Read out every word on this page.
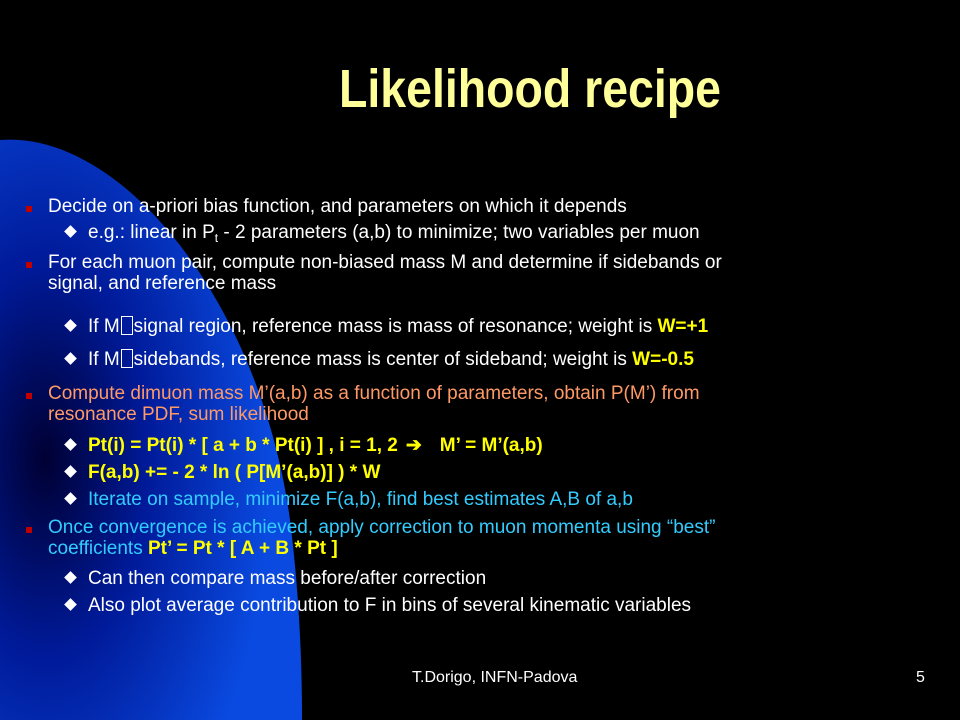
Likelihood recipe
Decide on a-priori bias function, and parameters on which it depends
e.g.: linear in $P_t - 2$ parameters (a,b) to minimize; two variables per muon
For each muon pair, compute non-biased mass M and determine if sidebands or
signal, and reference mass
If M signal region, reference mass is mass of resonance; weight is W=+1
If M sidebands, reference mass is center of sideband; weight is W=-0.5
Compute dimuon mass M’(a,b) as a function of parameters, obtain P(M’) from
resonance PDF, sum likelihood
Pt(i) = Pt(i) * [ a + b * Pt(i) ] , i = 1, 2 ➔ M’ = M’(a,b)
F(a,b) += - 2 * ln ( P[M’(a,b)] ) * W
Iterate on sample, minimize F(a,b), find best estimates A,B of a,b
Once convergence is achieved, apply correction to muon momenta using “best”
coefficients Pt’ = Pt * [ A + B * Pt ]
Can then compare mass before/after correction
Also plot average contribution to F in bins of several kinematic variables
T.Dorigo, INFN-Padova	5
